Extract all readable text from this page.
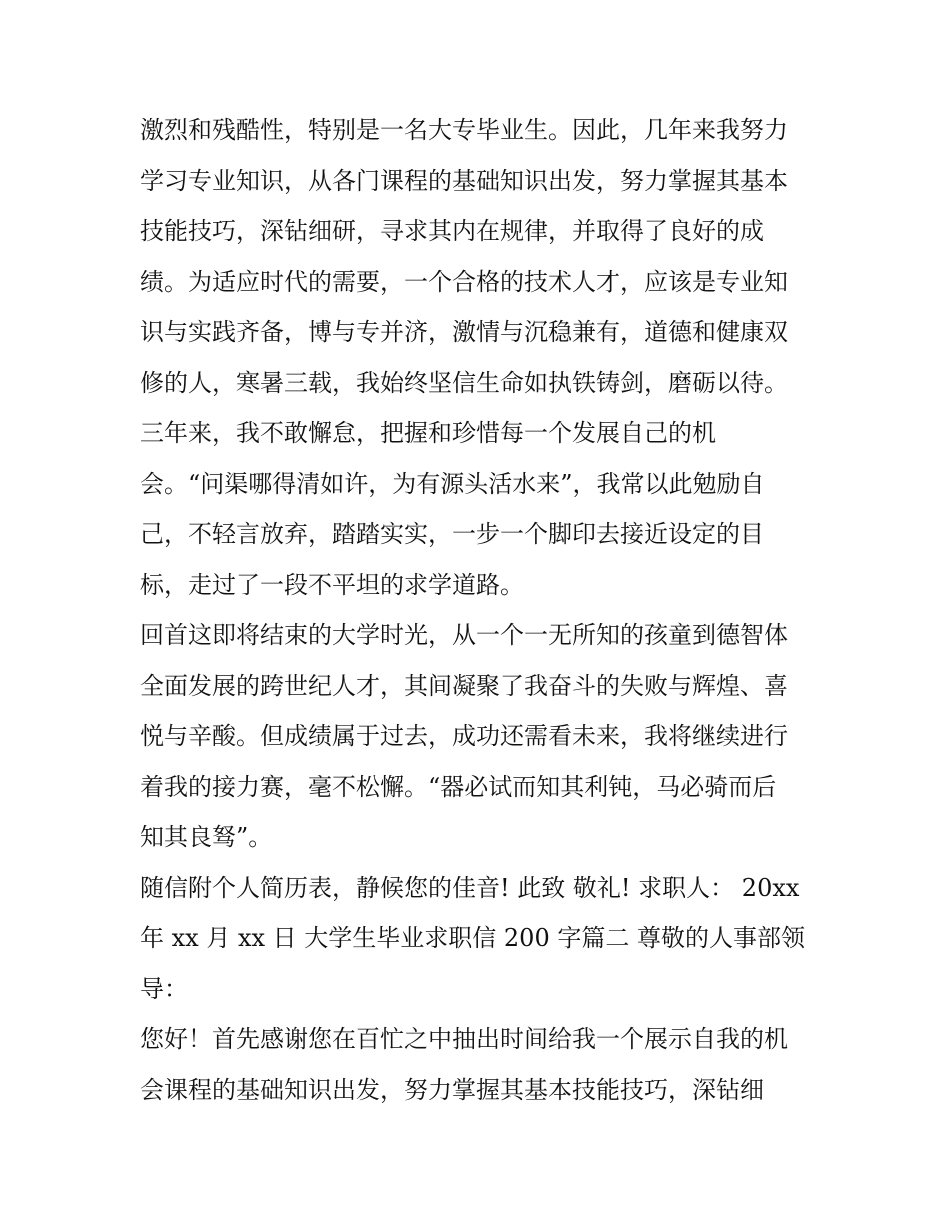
激烈和残酷性，特别是一名大专毕业生。因此，几年来我努力
学习专业知识，从各门课程的基础知识出发，努力掌握其基本
技能技巧，深钻细研，寻求其内在规律，并取得了良好的成
绩。为适应时代的需要，一个合格的技术人才，应该是专业知
识与实践齐备，博与专并济，激情与沉稳兼有，道德和健康双
修的人，寒暑三载，我始终坚信生命如执铁铸剑，磨砺以待。
三年来，我不敢懈怠，把握和珍惜每一个发展自己的机
会。“问渠哪得清如许，为有源头活水来”，我常以此勉励自
己，不轻言放弃，踏踏实实，一步一个脚印去接近设定的目
标，走过了一段不平坦的求学道路。
回首这即将结束的大学时光，从一个一无所知的孩童到德智体
全面发展的跨世纪人才，其间凝聚了我奋斗的失败与辉煌、喜
悦与辛酸。但成绩属于过去，成功还需看未来，我将继续进行
着我的接力赛，毫不松懈。“器必试而知其利钝，马必骑而后
知其良驽”。
随信附个人简历表，静候您的佳音! 此致 敬礼! 求职人： 20xx
年 xx 月 xx 日 大学生毕业求职信 200 字篇二 尊敬的人事部领
导：
您好！首先感谢您在百忙之中抽出时间给我一个展示自我的机
会课程的基础知识出发，努力掌握其基本技能技巧，深钻细
